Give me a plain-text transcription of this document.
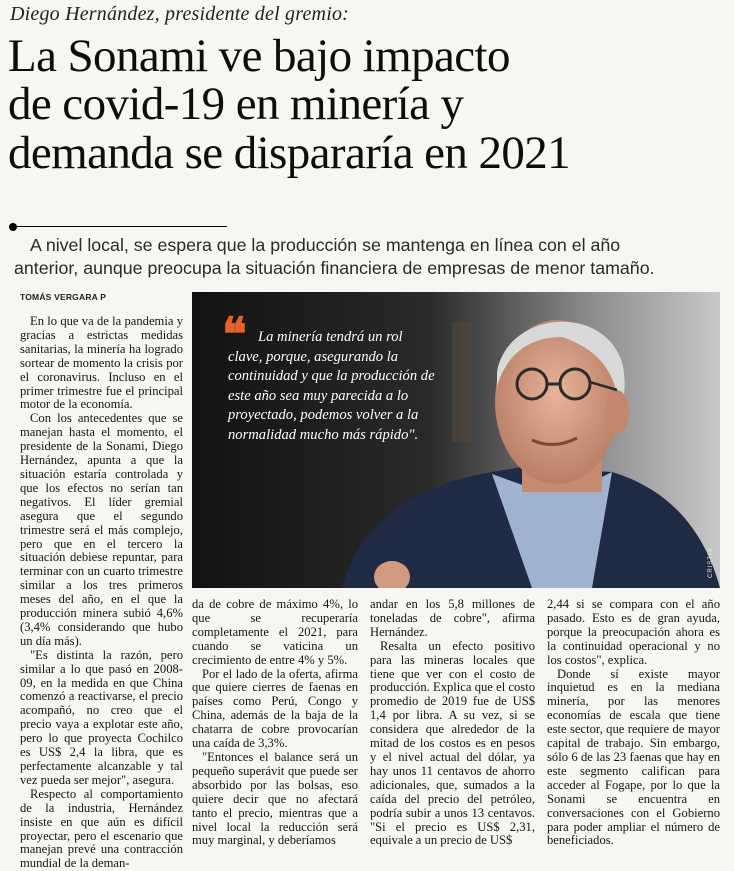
Diego Hernández, presidente del gremio:
La Sonami ve bajo impacto
de covid-19 en minería y
demanda se dispararía en 2021
A nivel local, se espera que la producción se mantenga en línea con el año
anterior, aunque preocupa la situación financiera de empresas de menor tamaño.
TOMÁS VERGARA P

En lo que va de la pandemia y gracias a estrictas medidas sanitarias, la minería ha logrado sortear de momento la crisis por el coronavirus. Incluso en el primer trimestre fue el principal motor de la economía.

Con los antecedentes que se manejan hasta el momento, el presidente de la Sonami, Diego Hernández, apunta a que la situación estaría controlada y que los efectos no serían tan negativos. El líder gremial asegura que el segundo trimestre será el más complejo, pero que en el tercero la situación debiese repuntar, para terminar con un cuarto trimestre similar a los tres primeros meses del año, en el que la producción minera subió 4,6% (3,4% considerando que hubo un día más).

"Es distinta la razón, pero similar a lo que pasó en 2008-09, en la medida en que China comenzó a reactivarse, el precio acompañó, no creo que el precio vaya a explotar este año, pero lo que proyecta Cochilco es US$ 2,4 la libra, que es perfectamente alcanzable y tal vez pueda ser mejor", asegura.

Respecto al comportamiento de la industria, Hernández insiste en que aún es difícil proyectar, pero el escenario que manejan prevé una contracción mundial de la deman-

❝ La minería tendrá un rol
clave, porque, asegurando la
continuidad y que la producción de
este año sea muy parecida a lo
proyectado, podemos volver a la
normalidad mucho más rápido".
CRISTIA

da de cobre de máximo 4%, lo que se recuperaría completamente el 2021, para cuando se vaticina un crecimiento de entre 4% y 5%.

Por el lado de la oferta, afirma que quiere cierres de faenas en países como Perú, Congo y China, además de la baja de la chatarra de cobre provocarían una caída de 3,3%.

"Entonces el balance será un pequeño superávit que puede ser absorbido por las bolsas, eso quiere decir que no afectará tanto el precio, mientras que a nivel local la reducción será muy marginal, y deberíamos

andar en los 5,8 millones de toneladas de cobre", afirma Hernández.

Resalta un efecto positivo para las mineras locales que tiene que ver con el costo de producción. Explica que el costo promedio de 2019 fue de US$ 1,4 por libra. A su vez, si se considera que alrededor de la mitad de los costos es en pesos y el nivel actual del dólar, ya hay unos 11 centavos de ahorro adicionales, que, sumados a la caída del precio del petróleo, podría subir a unos 13 centavos. "Si el precio es US$ 2,31, equivale a un precio de US$

2,44 si se compara con el año pasado. Esto es de gran ayuda, porque la preocupación ahora es la continuidad operacional y no los costos", explica.

Donde sí existe mayor inquietud es en la mediana minería, por las menores economías de escala que tiene este sector, que requiere de mayor capital de trabajo. Sin embargo, sólo 6 de las 23 faenas que hay en este segmento califican para acceder al Fogape, por lo que la Sonami se encuentra en conversaciones con el Gobierno para poder ampliar el número de beneficiados.
